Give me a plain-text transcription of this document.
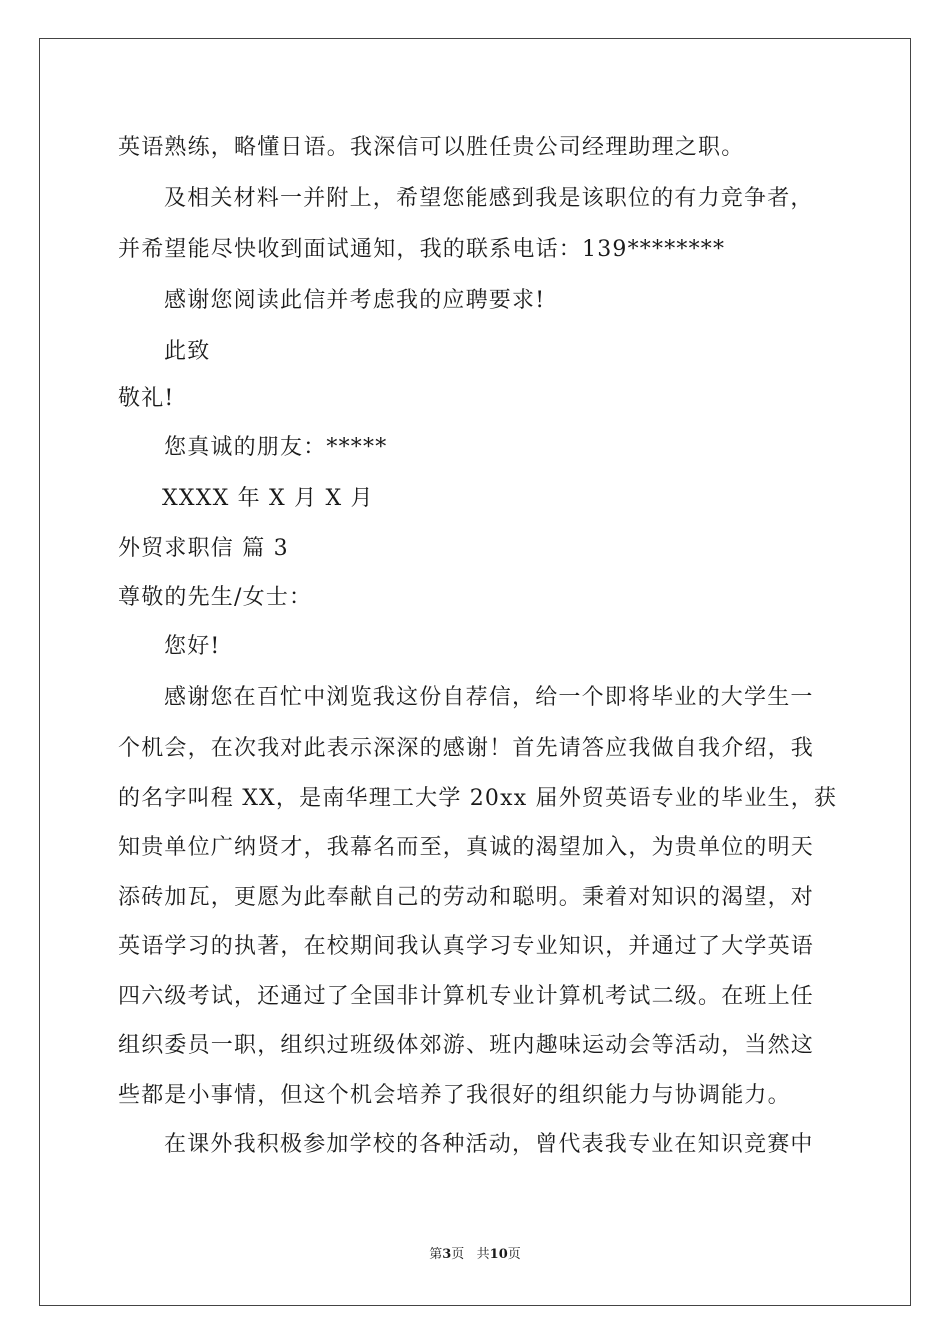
英语熟练，略懂日语。我深信可以胜任贵公司经理助理之职。
及相关材料一并附上，希望您能感到我是该职位的有力竞争者，
并希望能尽快收到面试通知，我的联系电话：139********
感谢您阅读此信并考虑我的应聘要求!
此致
敬礼!
您真诚的朋友：*****
XXXX 年 X 月 X 月
外贸求职信 篇 3
尊敬的先生/女士：
您好!
感谢您在百忙中浏览我这份自荐信，给一个即将毕业的大学生一
个机会，在次我对此表示深深的感谢！首先请答应我做自我介绍，我
的名字叫程 XX，是南华理工大学 20xx 届外贸英语专业的毕业生，获
知贵单位广纳贤才，我幕名而至，真诚的渴望加入，为贵单位的明天
添砖加瓦，更愿为此奉献自己的劳动和聪明。秉着对知识的渴望，对
英语学习的执著，在校期间我认真学习专业知识，并通过了大学英语
四六级考试，还通过了全国非计算机专业计算机考试二级。在班上任
组织委员一职，组织过班级体郊游、班内趣味运动会等活动，当然这
些都是小事情，但这个机会培养了我很好的组织能力与协调能力。
在课外我积极参加学校的各种活动，曾代表我专业在知识竞赛中
第3页   共10页
